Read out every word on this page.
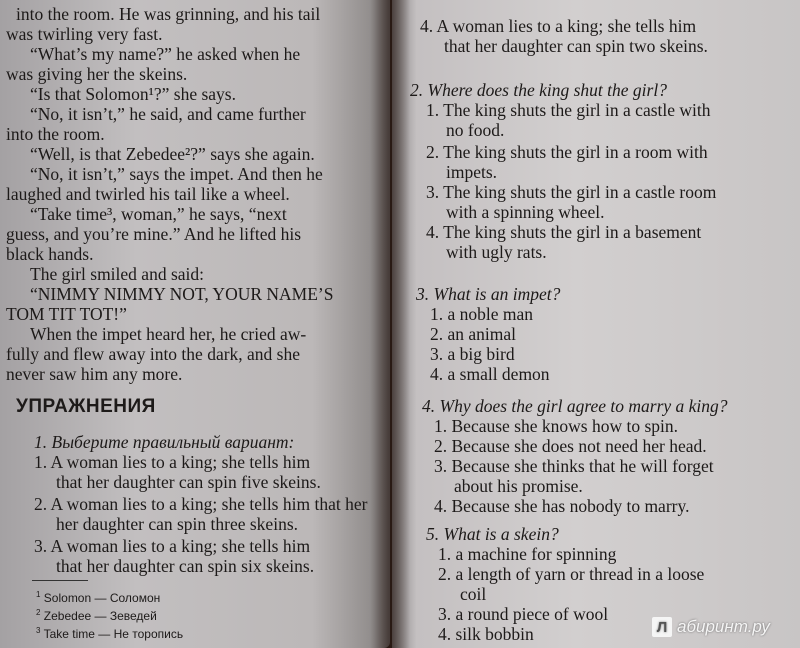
into the room. He was grinning, and his tail
was twirling very fast.
“What’s my name?” he asked when he
was giving her the skeins.
“Is that Solomon¹?” she says.
“No, it isn’t,” he said, and came further
into the room.
“Well, is that Zebedee²?” says she again.
“No, it isn’t,” says the impet. And then he
laughed and twirled his tail like a wheel.
“Take time³, woman,” he says, “next
guess, and you’re mine.” And he lifted his
black hands.
The girl smiled and said:
“NIMMY NIMMY NOT, YOUR NAME’S
TOM TIT TOT!”
When the impet heard her, he cried aw-
fully and flew away into the dark, and she
never saw him any more.
УПРАЖНЕНИЯ
1. Выберите правильный вариант:
1. A woman lies to a king; she tells him
that her daughter can spin five skeins.
2. A woman lies to a king; she tells him that her
her daughter can spin three skeins.
3. A woman lies to a king; she tells him
that her daughter can spin six skeins.
$^1$ Solomon — Соломон
$^2$ Zebedee — Зеведей
$^3$ Take time — Не торопись
4. A woman lies to a king; she tells him
that her daughter can spin two skeins.
2. Where does the king shut the girl?
1. The king shuts the girl in a castle with
no food.
2. The king shuts the girl in a room with
impets.
3. The king shuts the girl in a castle room
with a spinning wheel.
4. The king shuts the girl in a basement
with ugly rats.
3. What is an impet?
1. a noble man
2. an animal
3. a big bird
4. a small demon
4. Why does the girl agree to marry a king?
1. Because she knows how to spin.
2. Because she does not need her head.
3. Because she thinks that he will forget
about his promise.
4. Because she has nobody to marry.
5. What is a skein?
1. a machine for spinning
2. a length of yarn or thread in a loose
coil
3. a round piece of wool
4. silk bobbin	Л абиринт.ру
